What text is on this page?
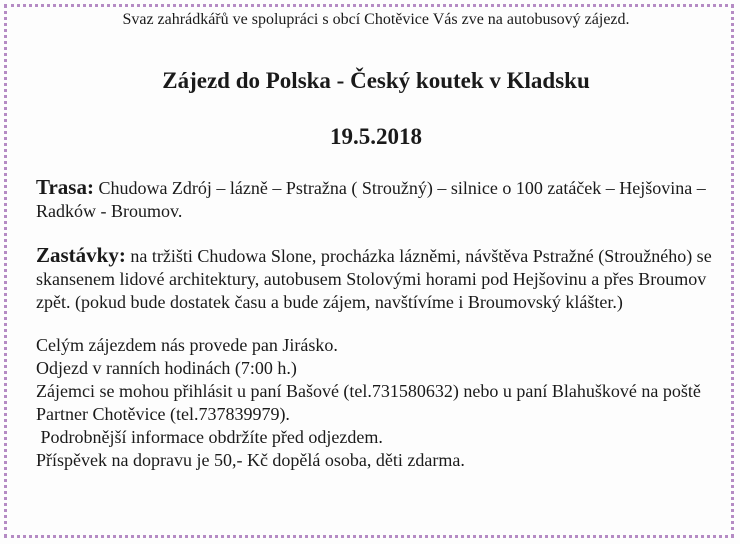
Svaz zahrádkářů ve spolupráci s obcí Chotěvice Vás zve na autobusový zájezd.

Zájezd do Polska - Český koutek v Kladsku

19.5.2018

Trasa: Chudowa Zdrój – lázně – Pstražna ( Stroužný) – silnice o 100 zatáček – Hejšovina – Radków - Broumov.

Zastávky: na tržišti Chudowa Slone, procházka lázněmi, návštěva Pstražné (Stroužného) se skansenem lidové architektury, autobusem Stolovými horami pod Hejšovinu a přes Broumov zpět. (pokud bude dostatek času a bude zájem, navštívíme i Broumovský klášter.)

Celým zájezdem nás provede pan Jirásko.
Odjezd v ranních hodinách (7:00 h.)
Zájemci se mohou přihlásit u paní Bašové (tel.731580632) nebo u paní Blahuškové na poště Partner Chotěvice (tel.737839979).
Podrobnější informace obdržíte před odjezdem.
Příspěvek na dopravu je 50,- Kč dopělá osoba, děti zdarma.
